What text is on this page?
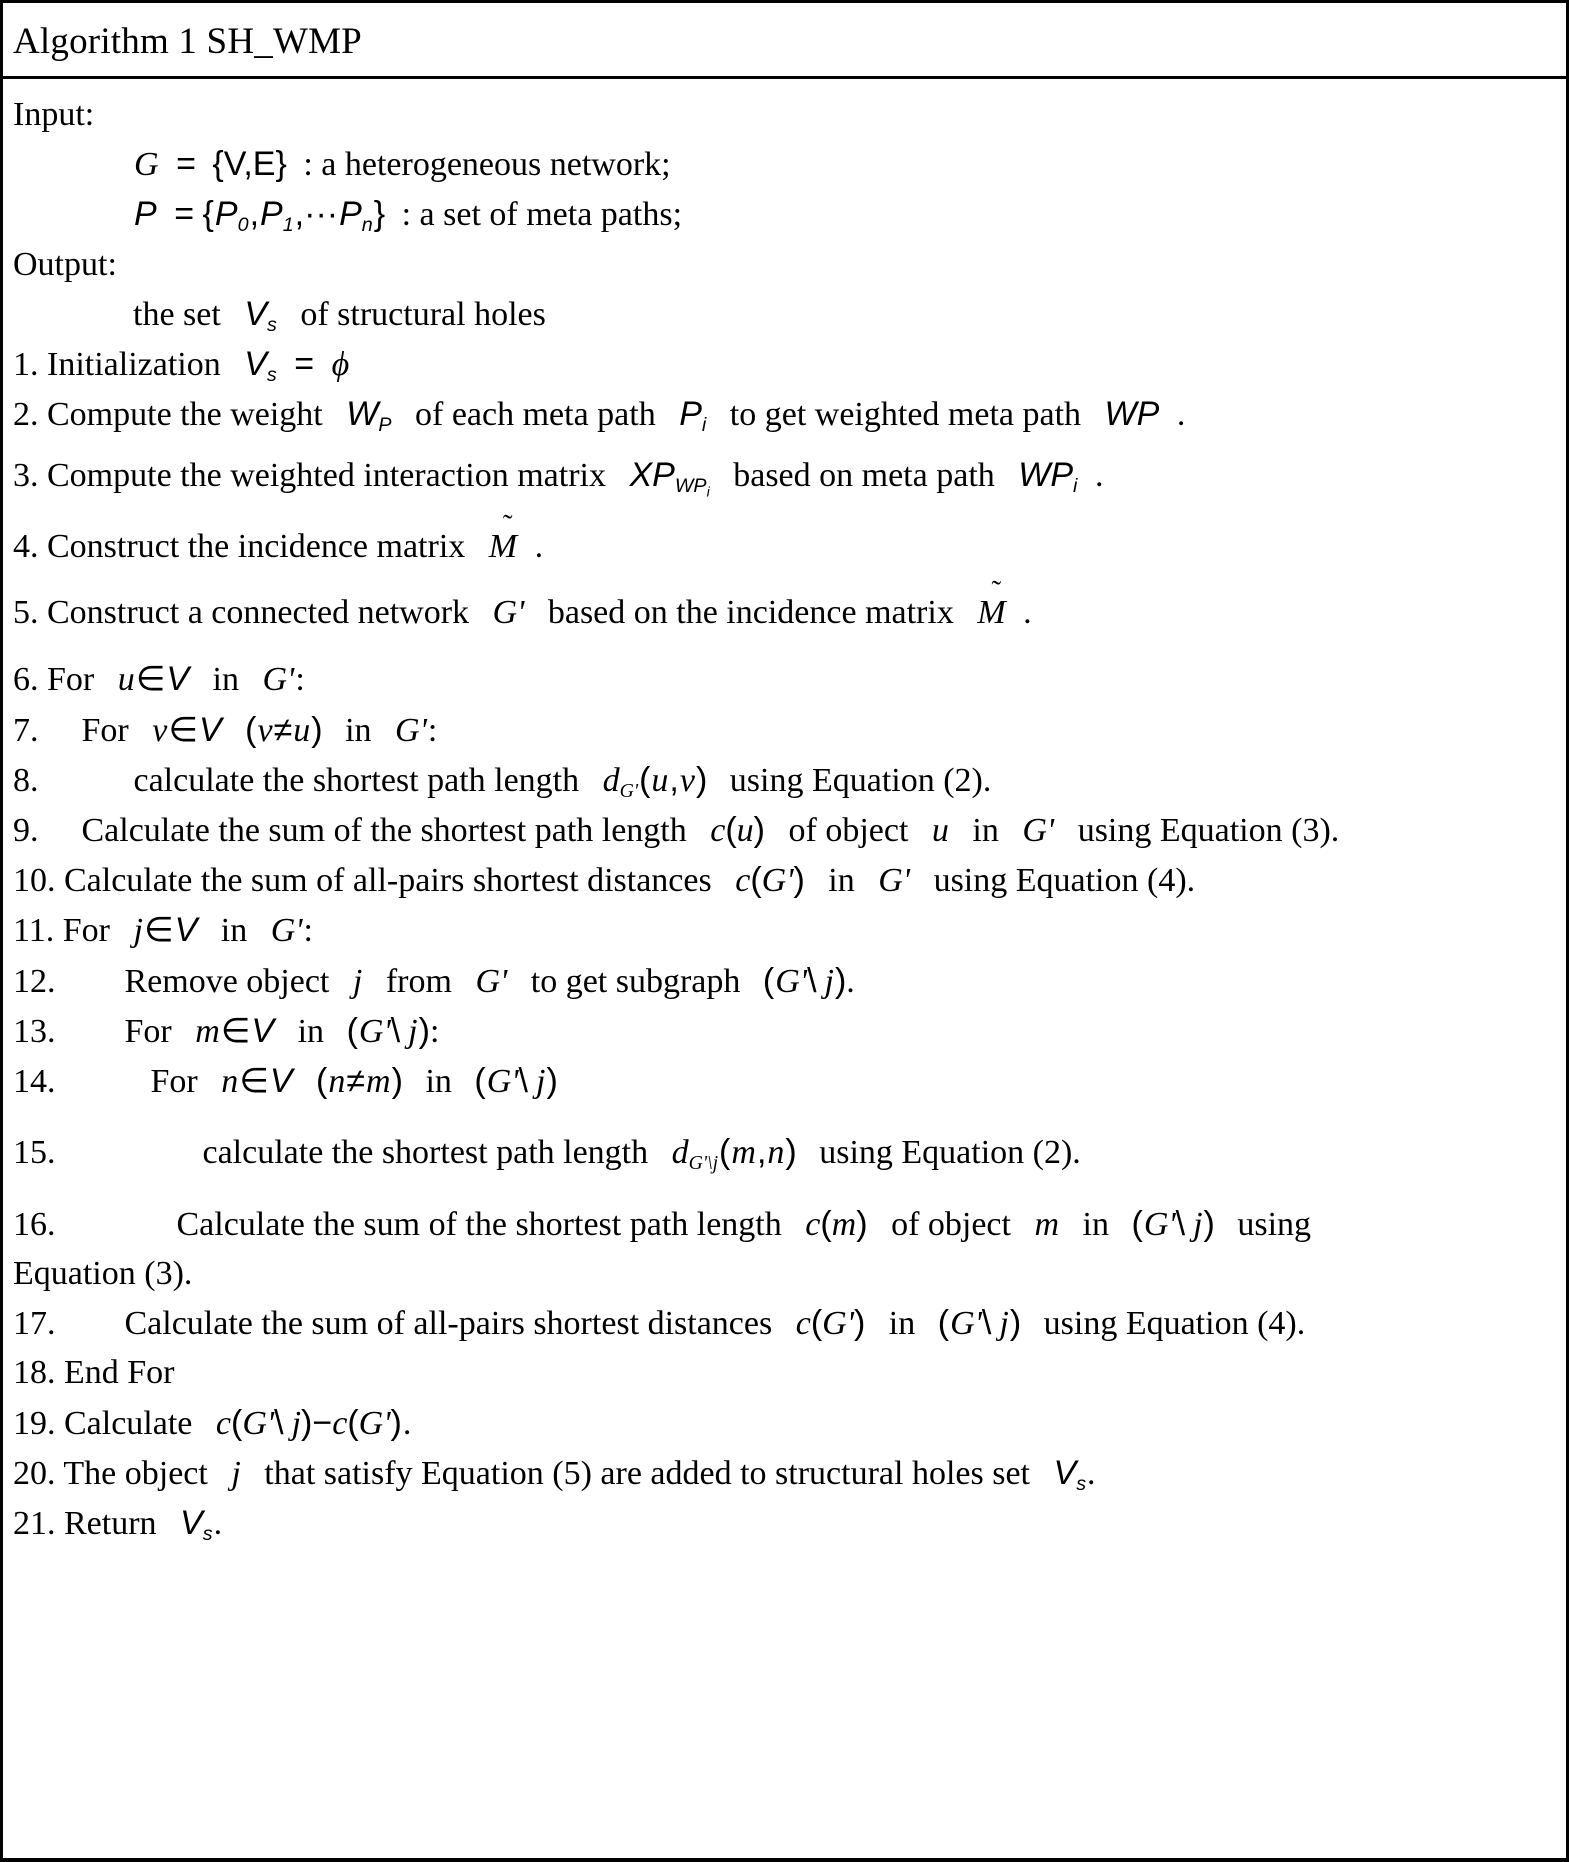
Algorithm 1 SH_WMP
Input:
G = {V,E} : a heterogeneous network;
$P = \{P_0,P_1,\cdot\cdot\cdot P_n\}$ : a set of meta paths;
Output:
the set $V_s$ of structural holes
1. Initialization $V_s = \phi$
2. Compute the weight $W_P$ of each meta path $P_i$ to get weighted meta path WP .
3. Compute the weighted interaction matrix $XP_{WP_i}$ based on meta path $WP_i$ .
4. Construct the incidence matrix M .
5. Construct a connected network G' based on the incidence matrix M .
6. For u∈V in G':
7. For v∈V (v≠u) in G':
8.	calculate the shortest path length $d_{G'}(u,v)$ using Equation (2).
9. Calculate the sum of the shortest path length c(u) of object u in G' using Equation (3).
10. Calculate the sum of all-pairs shortest distances c(G') in G' using Equation (4).
11. For j∈V in G':
12. Remove object j from G' to get subgraph (G'\ j).
13. For m∈V in (G'\ j):
14.	For n∈V (n≠m) in (G'\ j)
15.	calculate the shortest path length $d_{G'\backslash j}(m,n)$ using Equation (2).
16.	Calculate the sum of the shortest path length c(m) of object m in (G'\ j) using
Equation (3).
17. Calculate the sum of all-pairs shortest distances c(G') in (G'\ j) using Equation (4).
18. End For
19. Calculate c(G'\ j)−c(G').
20. The object j that satisfy Equation (5) are added to structural holes set $V_s$.
21. Return $V_s$.
